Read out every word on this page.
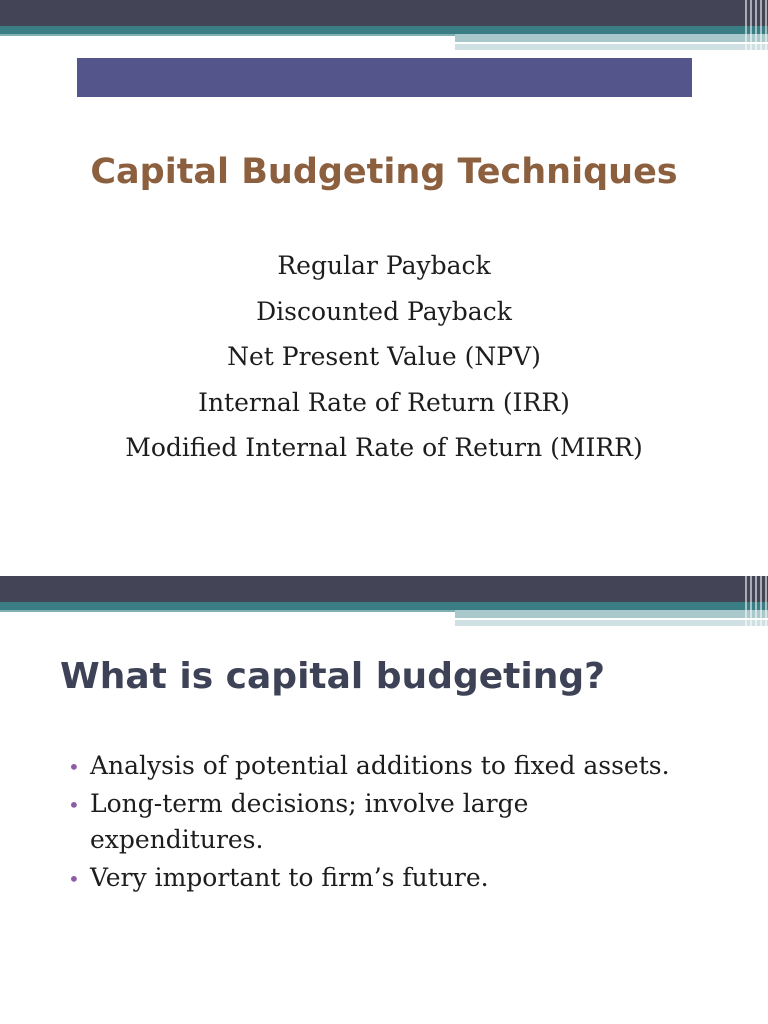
Capital Budgeting Techniques
Regular Payback
Discounted Payback
Net Present Value (NPV)
Internal Rate of Return (IRR)
Modified Internal Rate of Return (MIRR)
What is capital budgeting?
• Analysis of potential additions to fixed assets.
• Long-term decisions; involve large expenditures.
• Very important to firm’s future.
